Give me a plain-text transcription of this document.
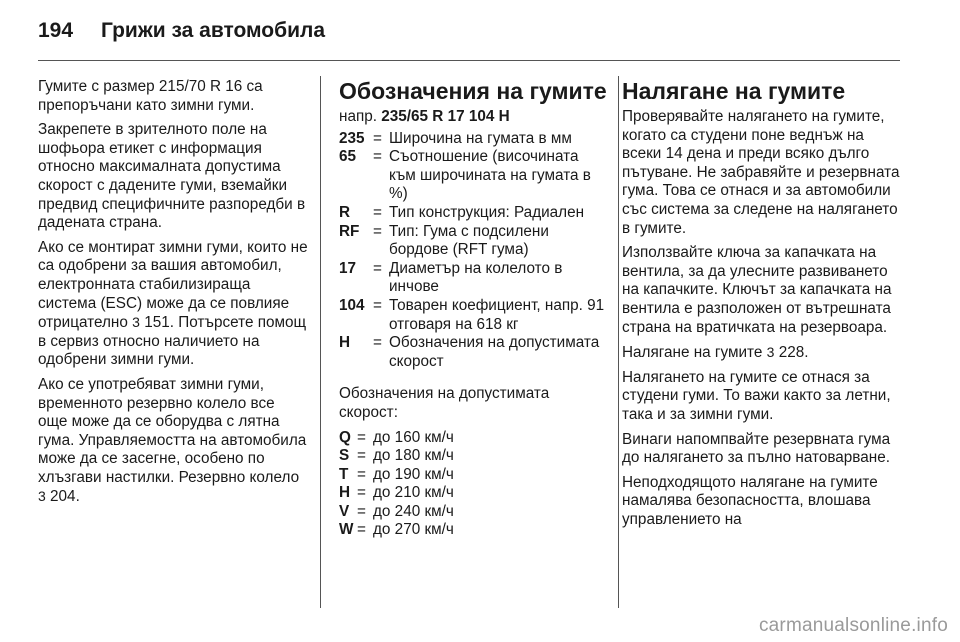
194 Грижи за автомобила

Гумите с размер 215/70 R 16 са препоръчани като зимни гуми.

Закрепете в зрителното поле на шофьора етикет с информация относно максималната допустима скорост с дадените гуми, вземайки предвид специфичните разпоредби в дадената страна.

Ако се монтират зимни гуми, които не са одобрени за вашия автомобил, електронната стабилизираща система (ESC) може да се повлияе отрицателно 3 151. Потърсете помощ в сервиз относно наличието на одобрени зимни гуми.

Ако се употребяват зимни гуми, временното резервно колело все още може да се оборудва с лятна гума. Управляемостта на автомобила може да се засегне, особено по хлъзгави настилки. Резервно колело 3 204.

Обозначения на гумите
напр. 235/65 R 17 104 H
235 = Широчина на гумата в мм
65	= Съотношение (височината към широчината на гумата в %)
R	= Тип конструкция: Радиален
RF = Тип: Гума с подсилени бордове (RFT гума)
17	= Диаметър на колелото в инчове
104 = Товарен коефициент, напр. 91 отговаря на 618 кг
H	= Обозначения на допустимата скорост

Обозначения на допустимата скорост:

Q = до 160 км/ч
S = до 180 км/ч
T = до 190 км/ч
H = до 210 км/ч
V = до 240 км/ч
W = до 270 км/ч
Налягане на гумите

Проверявайте налягането на гумите, когато са студени поне веднъж на всеки 14 дена и преди всяко дълго пътуване. Не забравяйте и резервната гума. Това се отнася и за автомобили със система за следене на налягането в гумите.

Използвайте ключа за капачката на вентила, за да улесните развиването на капачките. Ключът за капачката на вентила е разположен от вътрешната страна на вратичката на резервоара.

Налягане на гумите 3 228.

Налягането на гумите се отнася за студени гуми. То важи както за летни, така и за зимни гуми.

Винаги напомпвайте резервната гума до налягането за пълно натоварване.

Неподходящото налягане на гумите намалява безопасността, влошава управлението на

carmanualsonline.info
